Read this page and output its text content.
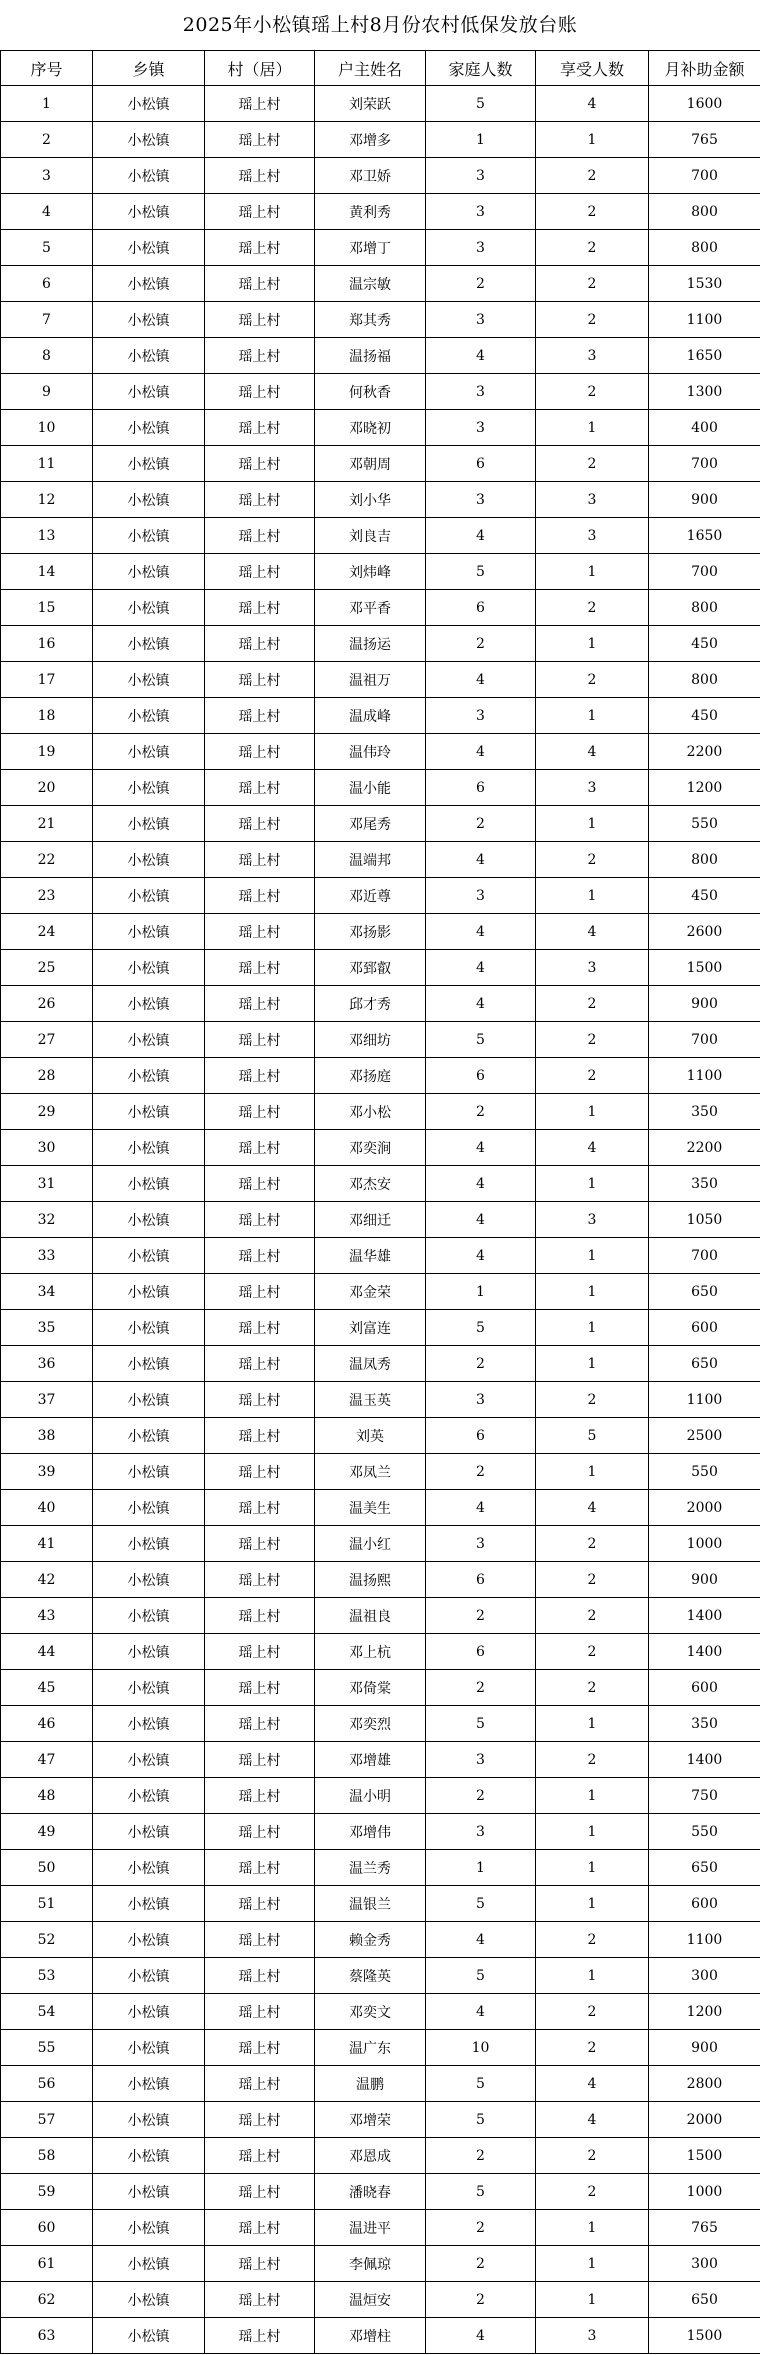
2025年小松镇瑶上村8月份农村低保发放台账
序号	乡镇	村（居）	户主姓名	家庭人数	享受人数	月补助金额
1	小松镇	瑶上村	刘荣跃	5	4	1600
2	小松镇	瑶上村	邓增多	1	1	765
3	小松镇	瑶上村	邓卫娇	3	2	700
4	小松镇	瑶上村	黄利秀	3	2	800
5	小松镇	瑶上村	邓增丁	3	2	800
6	小松镇	瑶上村	温宗敏	2	2	1530
7	小松镇	瑶上村	郑其秀	3	2	1100
8	小松镇	瑶上村	温扬福	4	3	1650
9	小松镇	瑶上村	何秋香	3	2	1300
10	小松镇	瑶上村	邓晓初	3	1	400
11	小松镇	瑶上村	邓朝周	6	2	700
12	小松镇	瑶上村	刘小华	3	3	900
13	小松镇	瑶上村	刘良吉	4	3	1650
14	小松镇	瑶上村	刘炜峰	5	1	700
15	小松镇	瑶上村	邓平香	6	2	800
16	小松镇	瑶上村	温扬运	2	1	450
17	小松镇	瑶上村	温祖万	4	2	800
18	小松镇	瑶上村	温成峰	3	1	450
19	小松镇	瑶上村	温伟玲	4	4	2200
20	小松镇	瑶上村	温小能	6	3	1200
21	小松镇	瑶上村	邓尾秀	2	1	550
22	小松镇	瑶上村	温端邦	4	2	800
23	小松镇	瑶上村	邓近尊	3	1	450
24	小松镇	瑶上村	邓扬影	4	4	2600
25	小松镇	瑶上村	邓郅叡	4	3	1500
26	小松镇	瑶上村	邱才秀	4	2	900
27	小松镇	瑶上村	邓细坊	5	2	700
28	小松镇	瑶上村	邓扬庭	6	2	1100
29	小松镇	瑶上村	邓小松	2	1	350
30	小松镇	瑶上村	邓奕涧	4	4	2200
31	小松镇	瑶上村	邓杰安	4	1	350
32	小松镇	瑶上村	邓细迁	4	3	1050
33	小松镇	瑶上村	温华雄	4	1	700
34	小松镇	瑶上村	邓金荣	1	1	650
35	小松镇	瑶上村	刘富连	5	1	600
36	小松镇	瑶上村	温凤秀	2	1	650
37	小松镇	瑶上村	温玉英	3	2	1100
38	小松镇	瑶上村	刘英	6	5	2500
39	小松镇	瑶上村	邓凤兰	2	1	550
40	小松镇	瑶上村	温美生	4	4	2000
41	小松镇	瑶上村	温小红	3	2	1000
42	小松镇	瑶上村	温扬熙	6	2	900
43	小松镇	瑶上村	温祖良	2	2	1400
44	小松镇	瑶上村	邓上杭	6	2	1400
45	小松镇	瑶上村	邓倚棠	2	2	600
46	小松镇	瑶上村	邓奕烈	5	1	350
47	小松镇	瑶上村	邓增雄	3	2	1400
48	小松镇	瑶上村	温小明	2	1	750
49	小松镇	瑶上村	邓增伟	3	1	550
50	小松镇	瑶上村	温兰秀	1	1	650
51	小松镇	瑶上村	温银兰	5	1	600
52	小松镇	瑶上村	赖金秀	4	2	1100
53	小松镇	瑶上村	蔡隆英	5	1	300
54	小松镇	瑶上村	邓奕文	4	2	1200
55	小松镇	瑶上村	温广东	10	2	900
56	小松镇	瑶上村	温鹏	5	4	2800
57	小松镇	瑶上村	邓增荣	5	4	2000
58	小松镇	瑶上村	邓恩成	2	2	1500
59	小松镇	瑶上村	潘晓春	5	2	1000
60	小松镇	瑶上村	温进平	2	1	765
61	小松镇	瑶上村	李佩琼	2	1	300
62	小松镇	瑶上村	温烜安	2	1	650
63	小松镇	瑶上村	邓增柱	4	3	1500
